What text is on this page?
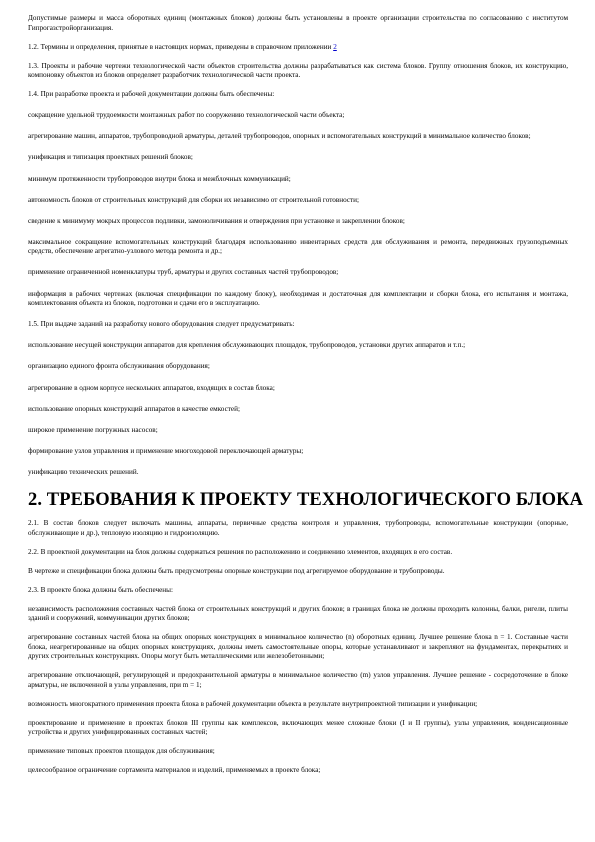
Допустимые размеры и масса оборотных единиц (монтажных блоков) должны быть установлены в проекте организации строительства по согласованию с институтом Гипрогазстройорганизация.

1.2. Термины и определения, принятые в настоящих нормах, приведены в справочном приложении 2

1.3. Проекты и рабочие чертежи технологической части объектов строительства должны разрабатываться как система блоков. Группу отношения блоков, их конструкцию, компоновку объектов из блоков определяет разработчик технологической части проекта.

1.4. При разработке проекта и рабочей документации должны быть обеспечены:

сокращение удельной трудоемкости монтажных работ по сооружению технологической части объекта;

агрегирование машин, аппаратов, трубопроводной арматуры, деталей трубопроводов, опорных и вспомогательных конструкций в минимальное количество блоков;

унификация и типизация проектных решений блоков;

минимум протяженности трубопроводов внутри блока и межблочных коммуникаций;

автономность блоков от строительных конструкций для сборки их независимо от строительной готовности;

сведение к минимуму мокрых процессов подливки, замоноличивания и отверждения при установке и закреплении блоков;

максимальное сокращение вспомогательных конструкций благодаря использованию инвентарных средств для обслуживания и ремонта, передвижных грузоподъемных средств, обеспечение агрегатно-узлового метода ремонта и др.;

применение ограниченной номенклатуры труб, арматуры и других составных частей трубопроводов;

информация в рабочих чертежах (включая спецификации по каждому блоку), необходимая и достаточная для комплектации и сборки блока, его испытания и монтажа, комплектования объекта из блоков, подготовки и сдачи его в эксплуатацию.

1.5. При выдаче заданий на разработку нового оборудования следует предусматривать:

использование несущей конструкции аппаратов для крепления обслуживающих площадок, трубопроводов, установки других аппаратов и т.п.;

организацию единого фронта обслуживания оборудования;

агрегирование в одном корпусе нескольких аппаратов, входящих в состав блока;

использование опорных конструкций аппаратов в качестве емкостей;

широкое применение погружных насосов;

формирование узлов управления и применение многоходовой переключающей арматуры;

унификацию технических решений.

2. ТРЕБОВАНИЯ К ПРОЕКТУ ТЕХНОЛОГИЧЕСКОГО БЛОКА

2.1. В состав блоков следует включать машины, аппараты, первичные средства контроля и управления, трубопроводы, вспомогательные конструкции (опорные, обслуживающие и др.), тепловую изоляцию и гидроизоляцию.

2.2. В проектной документации на блок должны содержаться решения по расположению и соединению элементов, входящих в его состав.

В чертеже и спецификации блока должны быть предусмотрены опорные конструкции под агрегируемое оборудование и трубопроводы.

2.3. В проекте блока должны быть обеспечены:

независимость расположения составных частей блока от строительных конструкций и других блоков; в границах блока не должны проходить колонны, балки, ригели, плиты зданий и сооружений, коммуникации других блоков;

агрегирование составных частей блока на общих опорных конструкциях в минимальное количество (n) оборотных единиц. Лучшее решение блока n = 1. Составные части блока, неагрегированные на общих опорных конструкциях, должны иметь самостоятельные опоры, которые устанавливают и закрепляют на фундаментах, перекрытиях и других строительных конструкциях. Опоры могут быть металлическими или железобетонными;

агрегирование отключающей, регулирующей и предохранительной арматуры в минимальное количество (m) узлов управления. Лучшее решение - сосредоточение в блоке арматуры, не включенной в узлы управления, при m = 1;

возможность многократного применения проекта блока в рабочей документации объекта в результате внутрипроектной типизации и унификации;

проектирование и применение в проектах блоков III группы как комплексов, включающих менее сложные блоки (I и II группы), узлы управления, конденсационные устройства и других унифицированных составных частей;

применение типовых проектов площадок для обслуживания;

целесообразное ограничение сортамента материалов и изделий, применяемых в проекте блока;
